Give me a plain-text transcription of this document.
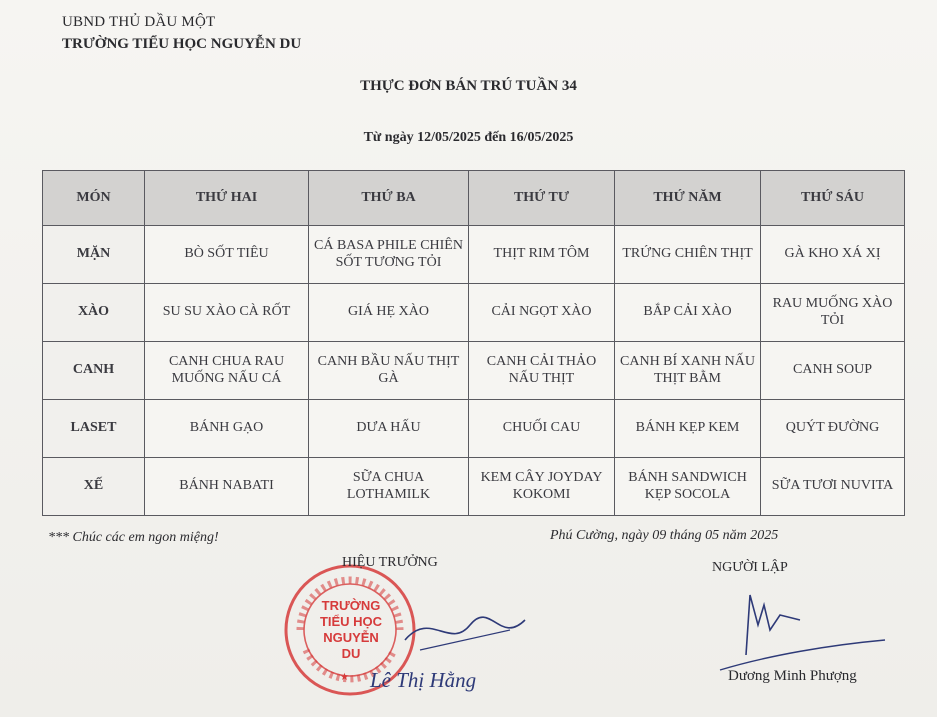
UBND THỦ DẦU MỘT
TRƯỜNG TIỂU HỌC NGUYỄN DU
THỰC ĐƠN BÁN TRÚ TUẦN 34
Từ ngày 12/05/2025 đến 16/05/2025
MÓN	THỨ HAI	THỨ BA	THỨ TƯ	THỨ NĂM	THỨ SÁU
MẶN	BÒ SỐT TIÊU	CÁ BASA PHILE CHIÊN SỐT TƯƠNG TỎI	THỊT RIM TÔM	TRỨNG CHIÊN THỊT	GÀ KHO XÁ XỊ
XÀO	SU SU XÀO CÀ RỐT	GIÁ HẸ XÀO	CẢI NGỌT XÀO	BẮP CẢI XÀO	RAU MUỐNG XÀO TỎI
CANH	CANH CHUA RAU MUỐNG NẤU CÁ	CANH BẦU NẤU THỊT GÀ	CANH CẢI THẢO NẤU THỊT	CANH BÍ XANH NẤU THỊT BẰM	CANH SOUP
LASET	BÁNH GẠO	DƯA HẤU	CHUỐI CAU	BÁNH KẸP KEM	QUÝT ĐƯỜNG
XẾ	BÁNH NABATI	SỮA CHUA LOTHAMILK	KEM CÂY JOYDAY KOKOMI	BÁNH SANDWICH KẸP SOCOLA	SỮA TƯƠI NUVITA
*** Chúc các em ngon miệng!	Phú Cường, ngày 09 tháng 05 năm 2025
★
TRƯỜNG
TIỂU HỌC
NGUYỄN DU
HIỆU TRƯỞNG
Lê Thị Hằng
NGƯỜI LẬP
Dương Minh Phượng
